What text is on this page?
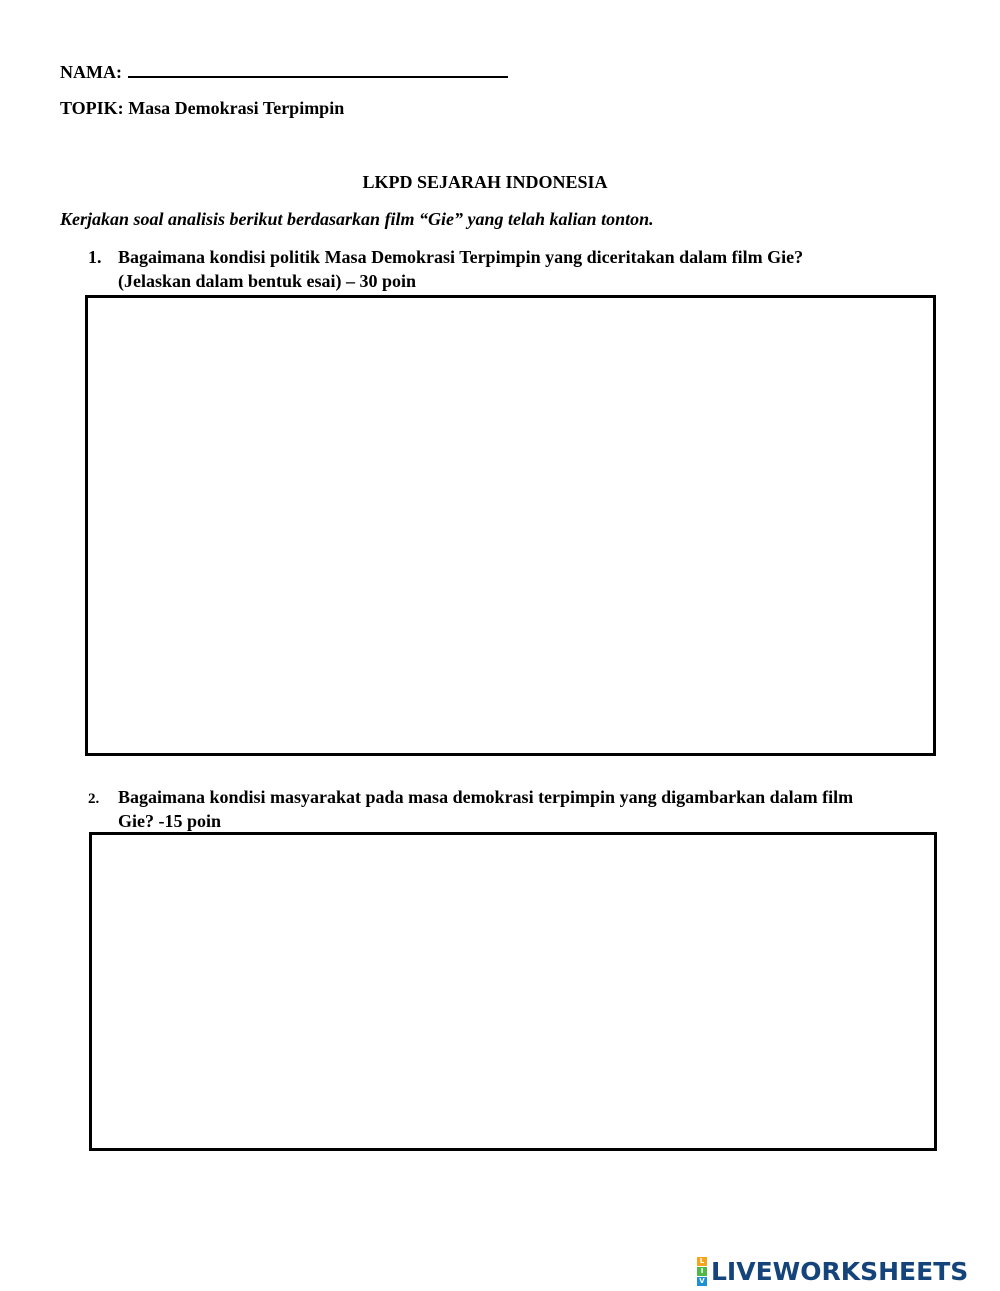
NAMA:
TOPIK: Masa Demokrasi Terpimpin
LKPD SEJARAH INDONESIA
Kerjakan soal analisis berikut berdasarkan film “Gie” yang telah kalian tonton.
1. Bagaimana kondisi politik Masa Demokrasi Terpimpin yang diceritakan dalam film Gie?
(Jelaskan dalam bentuk esai) – 30 poin
2. Bagaimana kondisi masyarakat pada masa demokrasi terpimpin yang digambarkan dalam film
Gie? -15 poin
L
I
V LIVEWORKSHEETS
